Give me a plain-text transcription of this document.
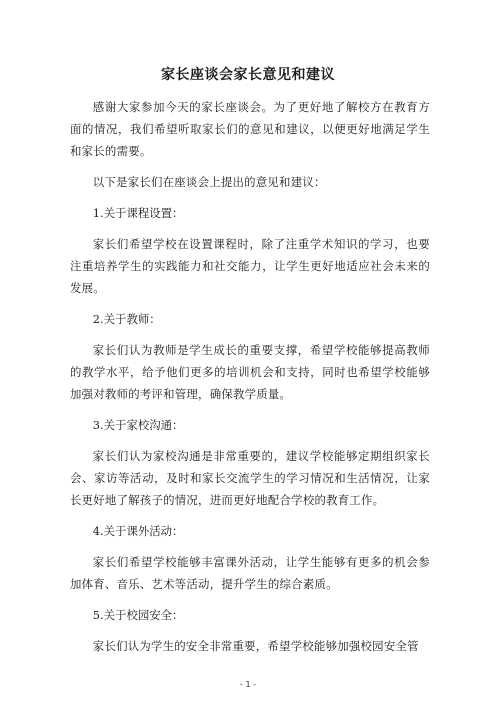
家长座谈会家长意见和建议

感谢大家参加今天的家长座谈会。为了更好地了解校方在教育方面的情况，我们希望听取家长们的意见和建议，以便更好地满足学生和家长的需要。

以下是家长们在座谈会上提出的意见和建议：

1.关于课程设置：

家长们希望学校在设置课程时，除了注重学术知识的学习，也要注重培养学生的实践能力和社交能力，让学生更好地适应社会未来的发展。

2.关于教师：

家长们认为教师是学生成长的重要支撑，希望学校能够提高教师的教学水平，给予他们更多的培训机会和支持，同时也希望学校能够加强对教师的考评和管理，确保教学质量。

3.关于家校沟通：

家长们认为家校沟通是非常重要的，建议学校能够定期组织家长会、家访等活动，及时和家长交流学生的学习情况和生活情况，让家长更好地了解孩子的情况，进而更好地配合学校的教育工作。

4.关于课外活动：

家长们希望学校能够丰富课外活动，让学生能够有更多的机会参加体育、音乐、艺术等活动，提升学生的综合素质。

5.关于校园安全：

家长们认为学生的安全非常重要，希望学校能够加强校园安全管

- 1 -
